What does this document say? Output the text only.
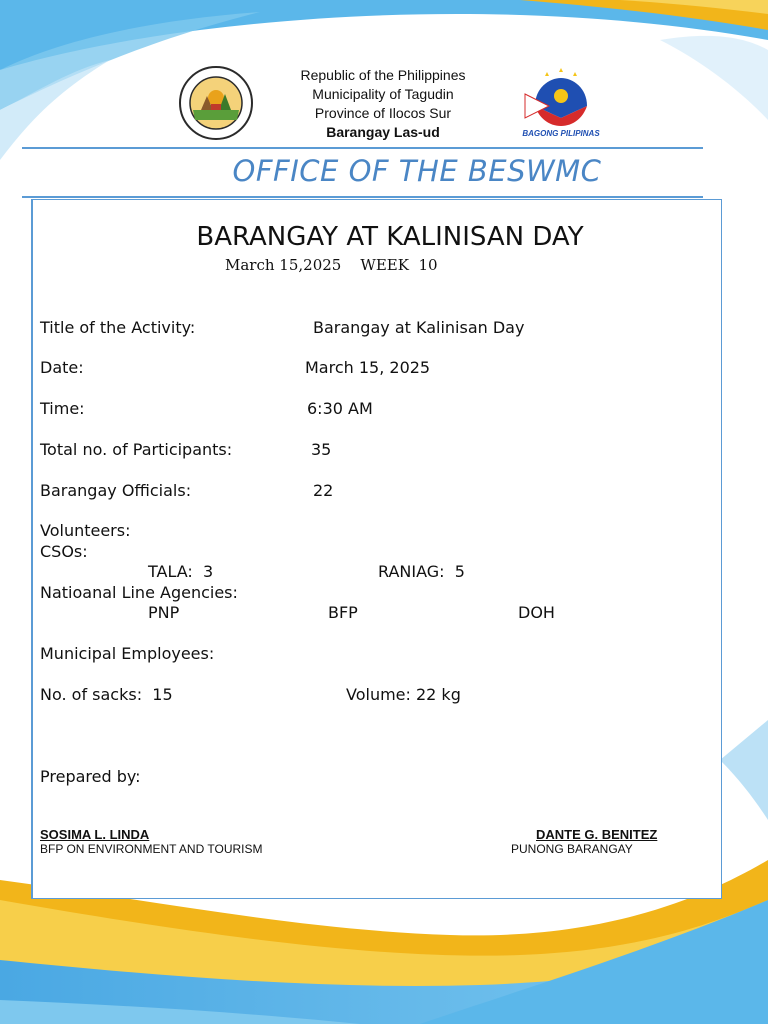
Republic of the Philippines
Municipality of Tagudin
Province of Ilocos Sur
Barangay Las-ud	BAGONG PILIPINAS
OFFICE OF THE BESWMC
BARANGAY AT KALINISAN DAY
March 15,2025    WEEK  10
Title of the Activity:	Barangay at Kalinisan Day
Date:	March 15, 2025
Time:	6:30 AM
Total no. of Participants:	35
Barangay Officials:	22
Volunteers:
CSOs:
TALA:  3	RANIAG:  5
Natioanal Line Agencies:
PNP	BFP	DOH
Municipal Employees:
No. of sacks:  15	Volume: 22 kg
Prepared by:
SOSIMA L. LINDA
BFP ON ENVIRONMENT AND TOURISM
DANTE G. BENITEZ
PUNONG BARANGAY
